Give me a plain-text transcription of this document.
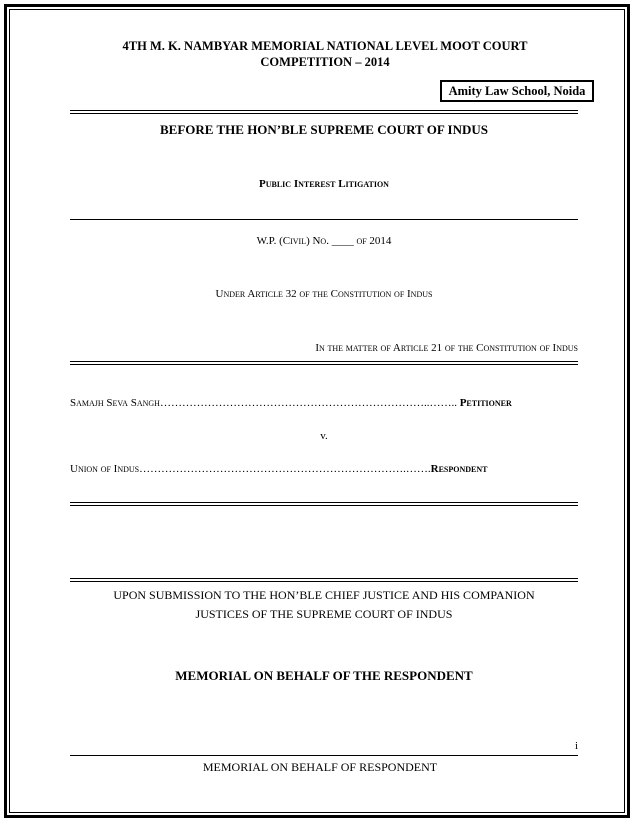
4TH M. K. NAMBYAR MEMORIAL NATIONAL LEVEL MOOT COURT
COMPETITION – 2014
Amity Law School, Noida
BEFORE THE HON’BLE SUPREME COURT OF INDUS
Public Interest Litigation
W.P. (Civil) No. ____ of 2014
Under Article 32 of the Constitution of Indus
In the matter of Article 21 of the Constitution of Indus
Samajh Seva Sangh………………………………………………………………..…….. Petitioner
v.
Union of Indus……………………………………………………………….…….Respondent
UPON SUBMISSION TO THE HON’BLE CHIEF JUSTICE AND HIS COMPANION
JUSTICES OF THE SUPREME COURT OF INDUS
MEMORIAL ON BEHALF OF THE RESPONDENT
i
MEMORIAL ON BEHALF OF RESPONDENT
